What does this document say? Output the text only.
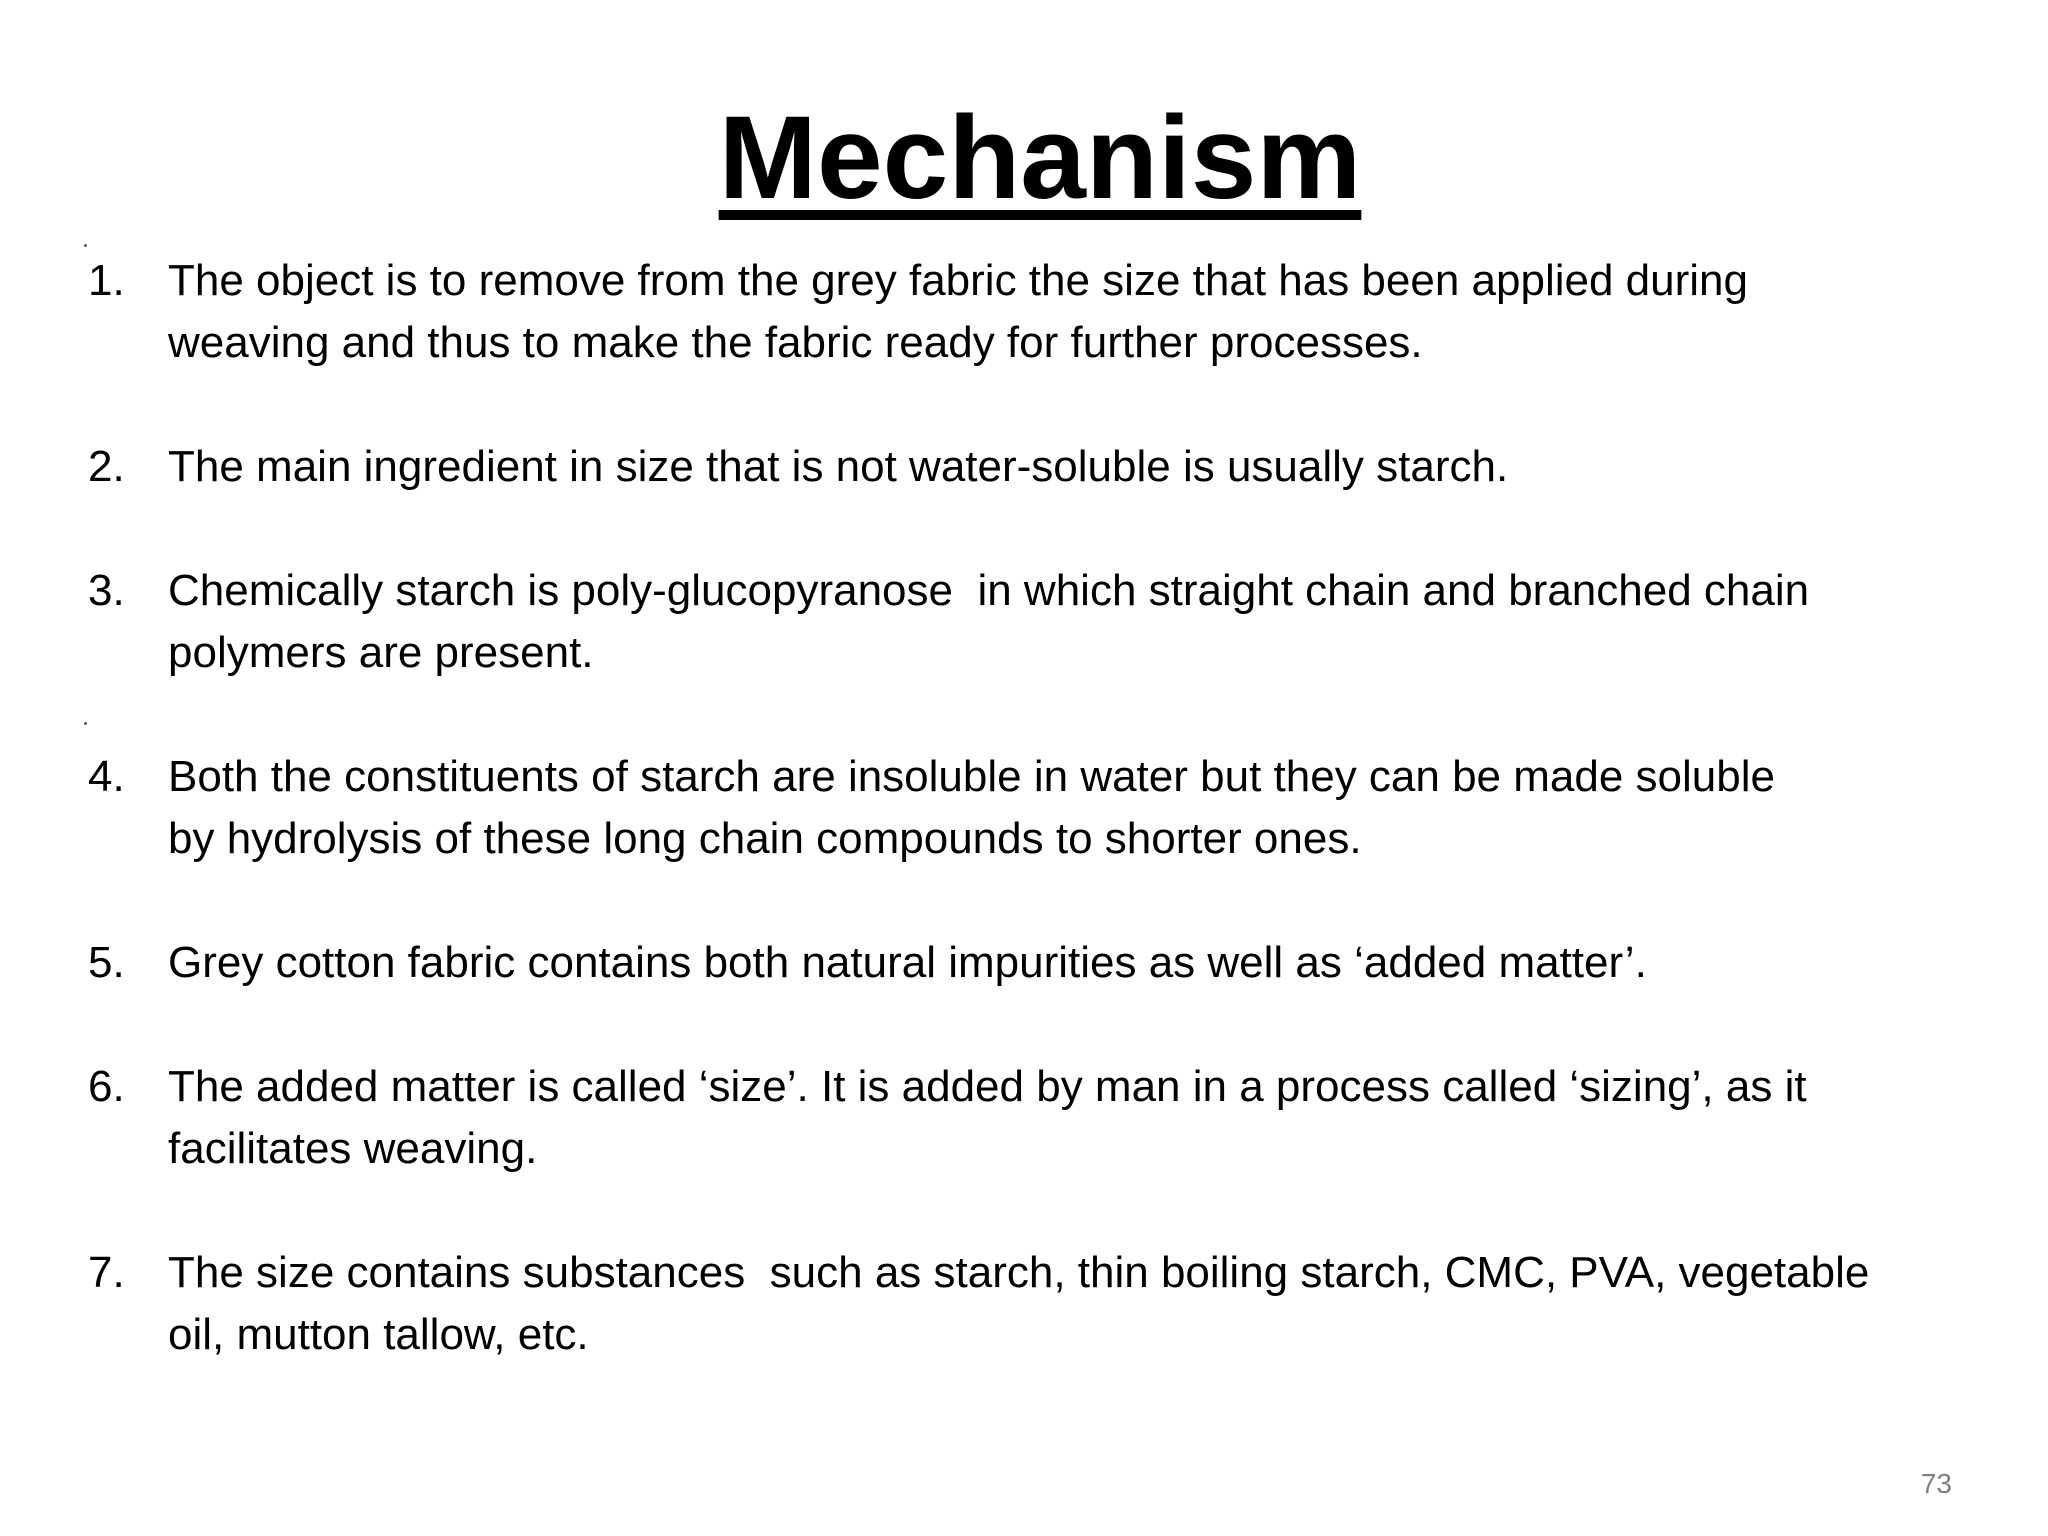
Mechanism
1. The object is to remove from the grey fabric the size that has been applied during
weaving and thus to make the fabric ready for further processes.
2. The main ingredient in size that is not water-soluble is usually starch.
3. Chemically starch is poly-glucopyranose  in which straight chain and branched chain
polymers are present.
4. Both the constituents of starch are insoluble in water but they can be made soluble
by hydrolysis of these long chain compounds to shorter ones.
5. Grey cotton fabric contains both natural impurities as well as ‘added matter’.
6. The added matter is called ‘size’. It is added by man in a process called ‘sizing’, as it
facilitates weaving.
7. The size contains substances  such as starch, thin boiling starch, CMC, PVA, vegetable
oil, mutton tallow, etc.

73
